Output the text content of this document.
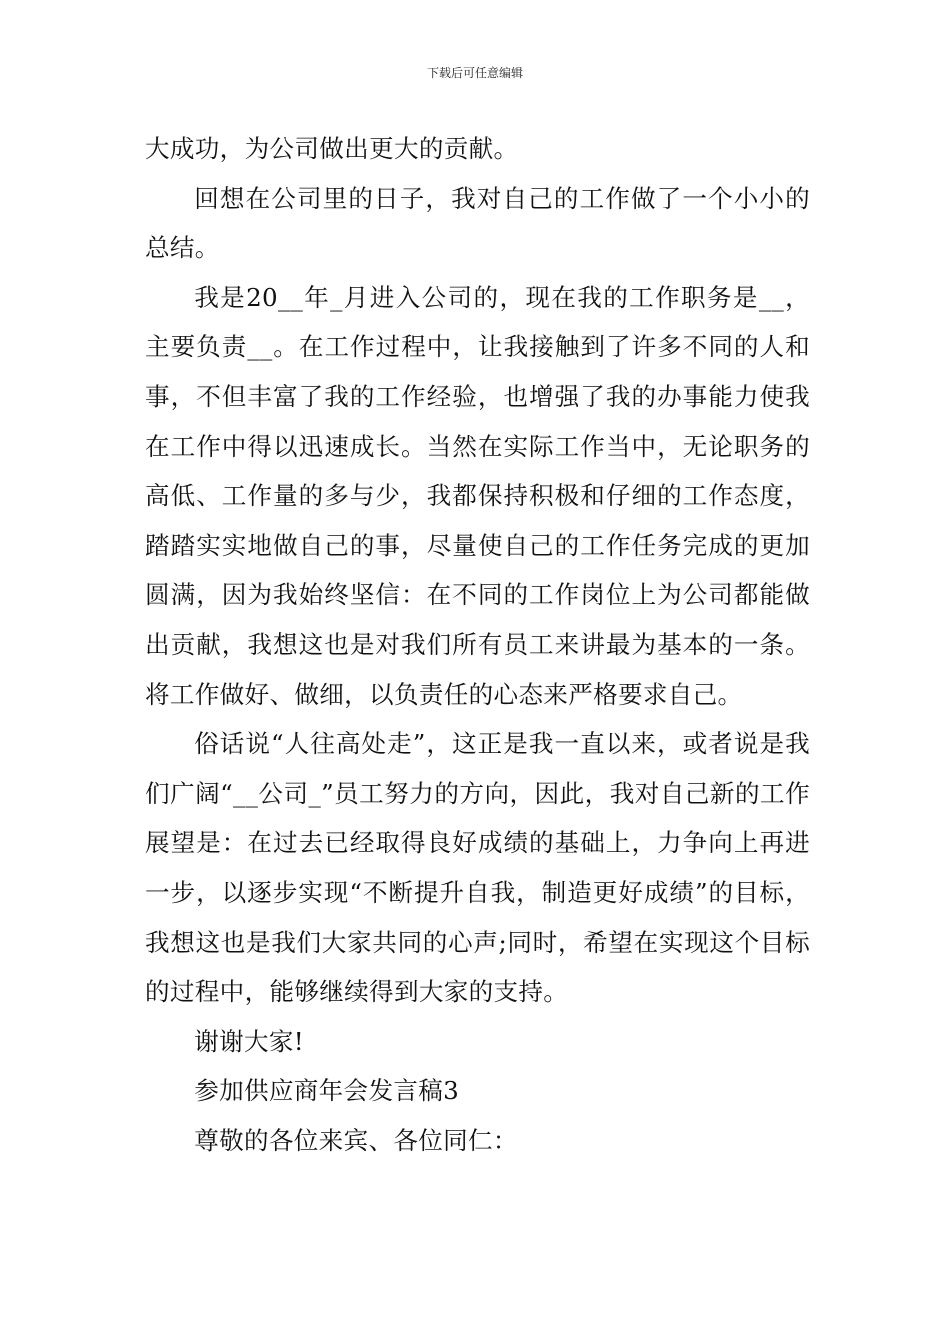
下载后可任意编辑

大成功，为公司做出更大的贡献。

回想在公司里的日子，我对自己的工作做了一个小小的总结。

我是20__年_月进入公司的，现在我的工作职务是__，主要负责__。在工作过程中，让我接触到了许多不同的人和事，不但丰富了我的工作经验，也增强了我的办事能力使我在工作中得以迅速成长。当然在实际工作当中，无论职务的高低、工作量的多与少，我都保持积极和仔细的工作态度，踏踏实实地做自己的事，尽量使自己的工作任务完成的更加圆满，因为我始终坚信：在不同的工作岗位上为公司都能做出贡献，我想这也是对我们所有员工来讲最为基本的一条。将工作做好、做细，以负责任的心态来严格要求自己。

俗话说“人往高处走”，这正是我一直以来，或者说是我们广阔“__公司_”员工努力的方向，因此，我对自己新的工作展望是：在过去已经取得良好成绩的基础上，力争向上再进一步，以逐步实现“不断提升自我，制造更好成绩”的目标，我想这也是我们大家共同的心声;同时，希望在实现这个目标的过程中，能够继续得到大家的支持。

谢谢大家!

参加供应商年会发言稿3

尊敬的各位来宾、各位同仁：
